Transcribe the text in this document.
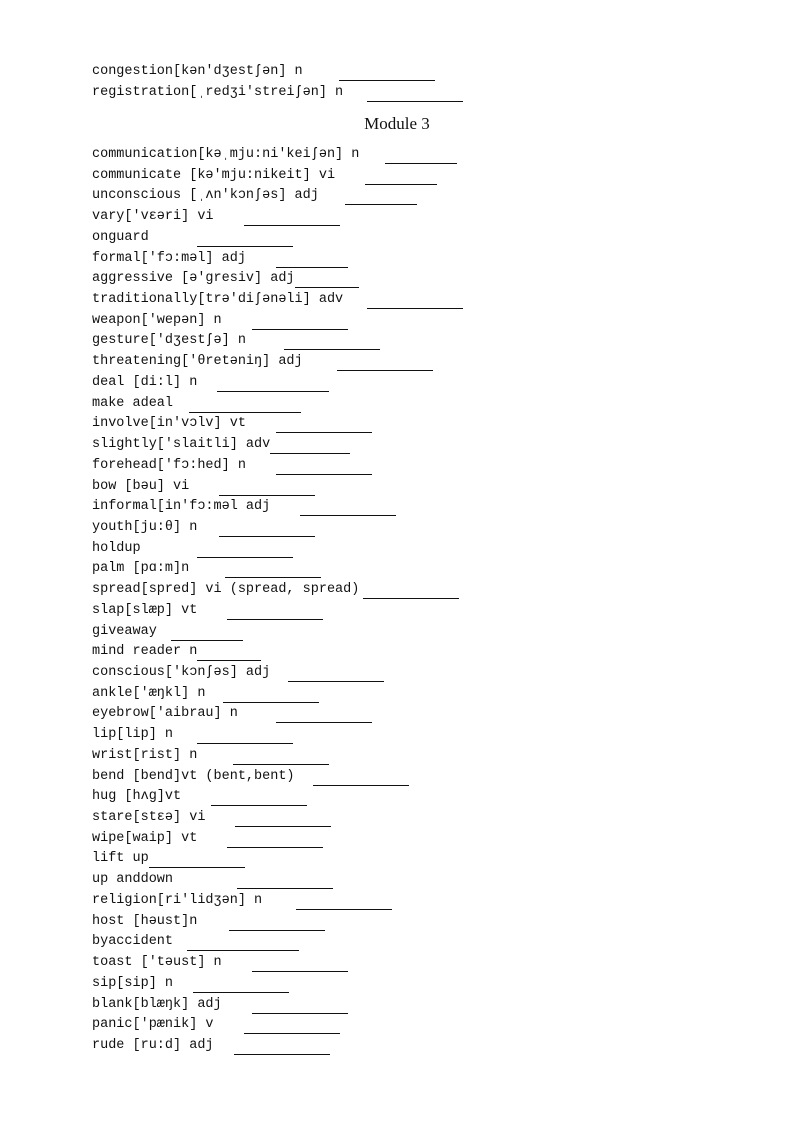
congestion[kən'dʒestʃən] n
registration[ˌredʒi'streiʃən] n
Module 3
communication[kəˌmju:ni'keiʃən] n
communicate [kə'mju:nikeit] vi
unconscious [ˌʌn'kɔnʃəs] adj
vary['vεəri] vi
onguard
formal['fɔ:məl] adj
aggressive [ə'gresiv] adj
traditionally[trə'diʃənəli] adv
weapon['wepən] n
gesture['dʒestʃə] n
threatening['θretəniŋ] adj
deal [di:l] n
make adeal
involve[in'vɔlv] vt
slightly['slaitli] adv
forehead['fɔ:hed] n
bow [bəu] vi
informal[in'fɔ:məl adj
youth[ju:θ] n
holdup
palm [pɑ:m]n
spread[spred] vi (spread, spread)
slap[slæp] vt
giveaway
mind reader n
conscious['kɔnʃəs] adj
ankle['æŋkl] n
eyebrow['aibrau] n
lip[lip] n
wrist[rist] n
bend [bend]vt (bent,bent)
hug [hʌg]vt
stare[stεə] vi
wipe[waip] vt
lift up
up anddown
religion[ri'lidʒən] n
host [həust]n
byaccident
toast ['təust] n
sip[sip] n
blank[blæŋk] adj
panic['pænik] v
rude [ru:d] adj
